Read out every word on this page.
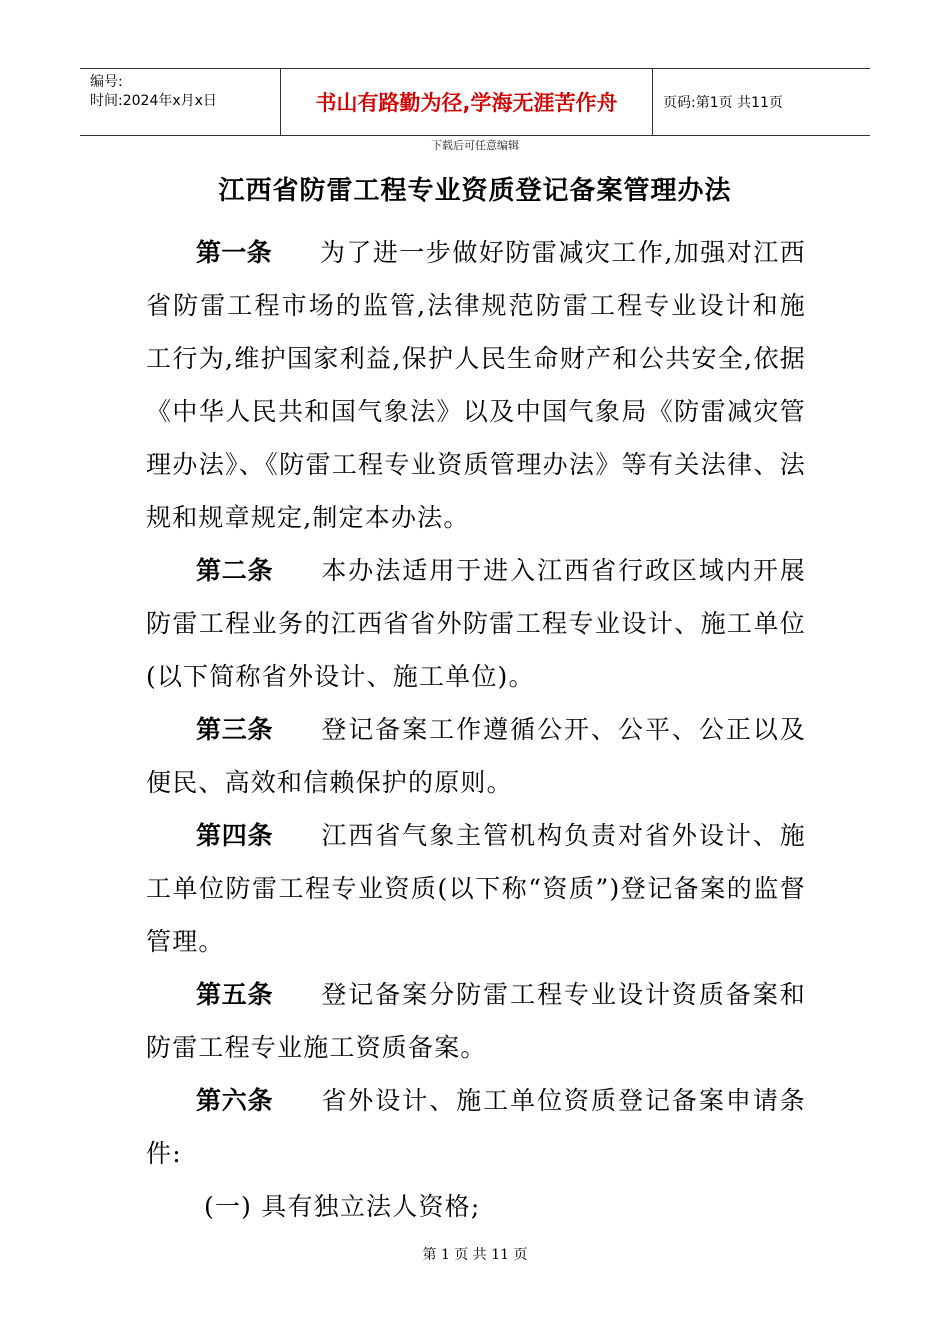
编号:
时间:2024年x月x日	书山有路勤为径,学海无涯苦作舟	页码:第1页 共11页
下载后可任意编辑
江西省防雷工程专业资质登记备案管理办法

第一条 为了进一步做好防雷减灾工作,加强对江西省防雷工程市场的监管,法律规范防雷工程专业设计和施工行为,维护国家利益,保护人民生命财产和公共安全,依据《中华人民共和国气象法》以及中国气象局《防雷减灾管理办法》、《防雷工程专业资质管理办法》等有关法律、法规和规章规定,制定本办法。

第二条 本办法适用于进入江西省行政区域内开展防雷工程业务的江西省省外防雷工程专业设计、施工单位(以下简称省外设计、施工单位)。

第三条 登记备案工作遵循公开、公平、公正以及便民、高效和信赖保护的原则。

第四条 江西省气象主管机构负责对省外设计、施工单位防雷工程专业资质(以下称“资质”)登记备案的监督管理。

第五条 登记备案分防雷工程专业设计资质备案和防雷工程专业施工资质备案。

第六条 省外设计、施工单位资质登记备案申请条件:

(一) 具有独立法人资格;

第 1 页 共 11 页
